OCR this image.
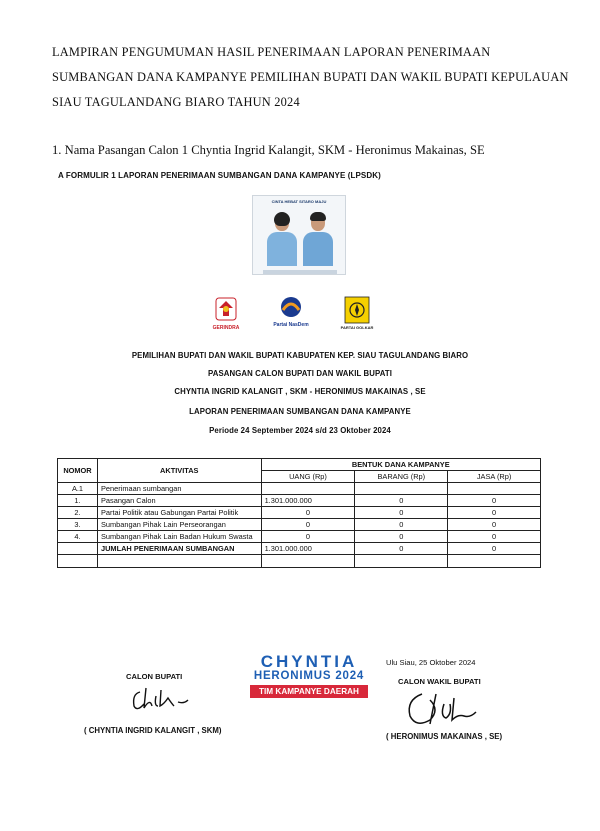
LAMPIRAN PENGUMUMAN HASIL PENERIMAAN LAPORAN PENERIMAAN
SUMBANGAN DANA KAMPANYE PEMILIHAN BUPATI DAN WAKIL BUPATI KEPULAUAN
SIAU TAGULANDANG BIARO TAHUN 2024
1. Nama Pasangan Calon 1 Chyntia Ingrid Kalangit, SKM - Heronimus Makainas, SE
A FORMULIR 1 LAPORAN PENERIMAAN SUMBANGAN DANA KAMPANYE (LPSDK)
CINTA HEBAT SITARO MAJU
GERINDRA	Partai NasDem	PARTAI GOLKAR
PEMILIHAN BUPATI DAN WAKIL BUPATI KABUPATEN KEP. SIAU TAGULANDANG BIARO
PASANGAN CALON BUPATI DAN WAKIL BUPATI
CHYNTIA INGRID KALANGIT , SKM - HERONIMUS MAKAINAS , SE
LAPORAN PENERIMAAN SUMBANGAN DANA KAMPANYE
Periode 24 September 2024 s/d 23 Oktober 2024
NOMOR	AKTIVITAS	BENTUK DANA KAMPANYE		
		UANG (Rp)	BARANG (Rp)	JASA (Rp)
A.1	Penerimaan sumbangan			
1.	Pasangan Calon	1.301.000.000	0	0
2.	Partai Politik atau Gabungan Partai Politik	0	0	0
3.	Sumbangan Pihak Lain Perseorangan	0	0	0
4.	Sumbangan Pihak Lain Badan Hukum Swasta	0	0	0
	JUMLAH PENERIMAAN SUMBANGAN	1.301.000.000	0	0

CALON BUPATI
( CHYNTIA INGRID KALANGIT , SKM)
CHYNTIA
HERONIMUS 2024
TIM KAMPANYE DAERAH
Ulu Siau, 25 Oktober 2024
CALON WAKIL BUPATI
( HERONIMUS MAKAINAS , SE)
